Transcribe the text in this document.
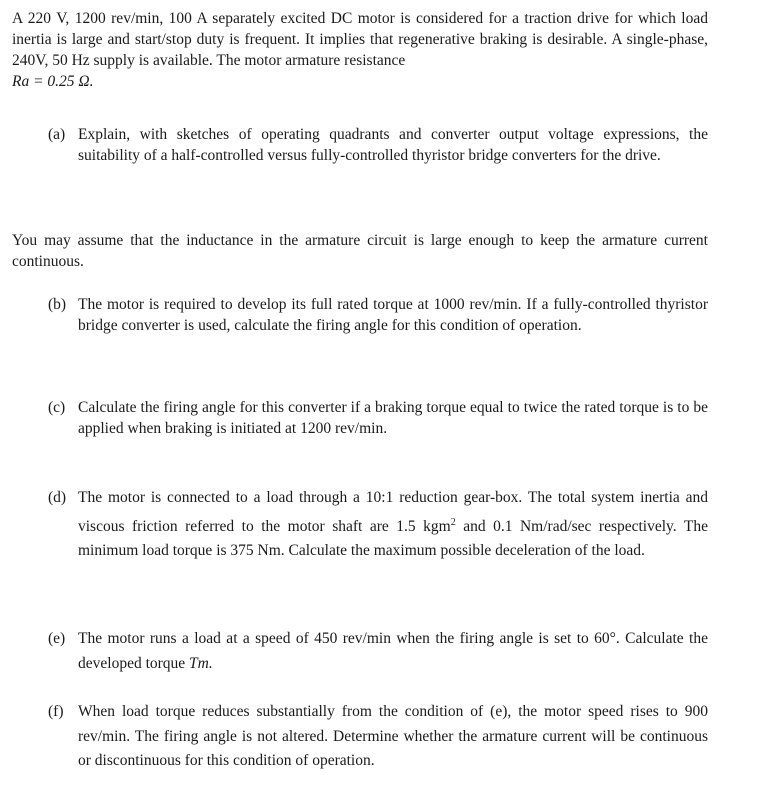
A 220 V, 1200 rev/min, 100 A separately excited DC motor is considered for a traction drive for which load inertia is large and start/stop duty is frequent. It implies that regenerative braking is desirable. A single-phase, 240V, 50 Hz supply is available. The motor armature resistance
Ra = 0.25 Ω.
(a) Explain, with sketches of operating quadrants and converter output voltage expressions, the suitability of a half-controlled versus fully-controlled thyristor bridge converters for the drive.
You may assume that the inductance in the armature circuit is large enough to keep the armature current continuous.
(b) The motor is required to develop its full rated torque at 1000 rev/min. If a fully-controlled thyristor bridge converter is used, calculate the firing angle for this condition of operation.
(c) Calculate the firing angle for this converter if a braking torque equal to twice the rated torque is to be applied when braking is initiated at 1200 rev/min.
(d) The motor is connected to a load through a 10:1 reduction gear-box. The total system inertia and viscous friction referred to the motor shaft are 1.5 kgm$^2$ and 0.1 Nm/rad/sec respectively. The minimum load torque is 375 Nm. Calculate the maximum possible deceleration of the load.
(e) The motor runs a load at a speed of 450 rev/min when the firing angle is set to 60°. Calculate the developed torque Tm.
(f) When load torque reduces substantially from the condition of (e), the motor speed rises to 900 rev/min. The firing angle is not altered. Determine whether the armature current will be continuous or discontinuous for this condition of operation.
